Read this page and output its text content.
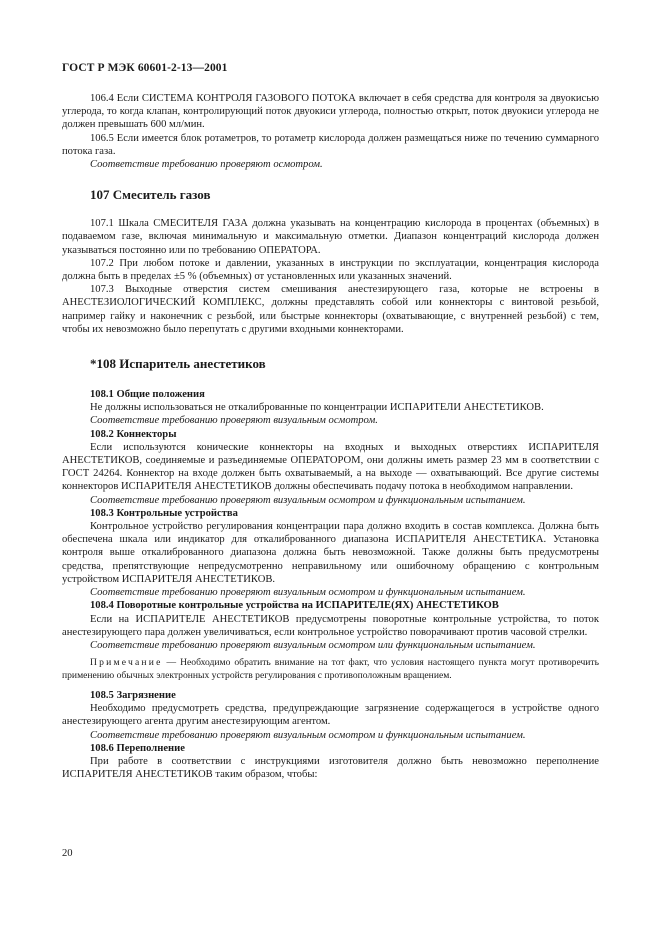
ГОСТ Р МЭК 60601-2-13—2001

106.4 Если СИСТЕМА КОНТРОЛЯ ГАЗОВОГО ПОТОКА включает в себя средства для контроля за двуокисью углерода, то когда клапан, контролирующий поток двуокиси углерода, полностью открыт, поток двуокиси углерода не должен превышать 600 мл/мин.

106.5 Если имеется блок ротаметров, то ротаметр кислорода должен размещаться ниже по течению суммарного потока газа.

Соответствие требованию проверяют осмотром.

107 Смеситель газов

107.1 Шкала СМЕСИТЕЛЯ ГАЗА должна указывать на концентрацию кислорода в процентах (объемных) в подаваемом газе, включая минимальную и максимальную отметки. Диапазон концентраций кислорода должен указываться постоянно или по требованию ОПЕРАТОРА.

107.2 При любом потоке и давлении, указанных в инструкции по эксплуатации, концентрация кислорода должна быть в пределах ±5 % (объемных) от установленных или указанных значений.

107.3 Выходные отверстия систем смешивания анестезирующего газа, которые не встроены в АНЕСТЕЗИОЛОГИЧЕСКИЙ КОМПЛЕКС, должны представлять собой или коннекторы с винтовой резьбой, например гайку и наконечник с резьбой, или быстрые коннекторы (охватывающие, с внутренней резьбой) с тем, чтобы их невозможно было перепутать с другими входными коннекторами.

*108 Испаритель анестетиков

108.1 Общие положения

Не должны использоваться не откалиброванные по концентрации ИСПАРИТЕЛИ АНЕСТЕТИКОВ.

Соответствие требованию проверяют визуальным осмотром.

108.2 Коннекторы

Если используются конические коннекторы на входных и выходных отверстиях ИСПАРИТЕЛЯ АНЕСТЕТИКОВ, соединяемые и разъединяемые ОПЕРАТОРОМ, они должны иметь размер 23 мм в соответствии с ГОСТ 24264. Коннектор на входе должен быть охватываемый, а на выходе — охватывающий. Все другие системы коннекторов ИСПАРИТЕЛЯ АНЕСТЕТИКОВ должны обеспечивать подачу потока в необходимом направлении.

Соответствие требованию проверяют визуальным осмотром и функциональным испытанием.

108.3 Контрольные устройства

Контрольное устройство регулирования концентрации пара должно входить в состав комплекса. Должна быть обеспечена шкала или индикатор для откалиброванного диапазона ИСПАРИТЕЛЯ АНЕСТЕТИКА. Установка контроля выше откалиброванного диапазона должна быть невозможной. Также должны быть предусмотрены средства, препятствующие непредусмотренно неправильному или ошибочному обращению с контрольным устройством ИСПАРИТЕЛЯ АНЕСТЕТИКОВ.

Соответствие требованию проверяют визуальным осмотром и функциональным испытанием.

108.4 Поворотные контрольные устройства на ИСПАРИТЕЛЕ(ЯХ) АНЕСТЕТИКОВ

Если на ИСПАРИТЕЛЕ АНЕСТЕТИКОВ предусмотрены поворотные контрольные устройства, то поток анестезирующего пара должен увеличиваться, если контрольное устройство поворачивают против часовой стрелки.

Соответствие требованию проверяют визуальным осмотром или функциональным испытанием.

Примечание — Необходимо обратить внимание на тот факт, что условия настоящего пункта могут противоречить применению обычных электронных устройств регулирования с противоположным вращением.

108.5 Загрязнение

Необходимо предусмотреть средства, предупреждающие загрязнение содержащегося в устройстве одного анестезирующего агента другим анестезирующим агентом.

Соответствие требованию проверяют визуальным осмотром и функциональным испытанием.

108.6 Переполнение

При работе в соответствии с инструкциями изготовителя должно быть невозможно переполнение ИСПАРИТЕЛЯ АНЕСТЕТИКОВ таким образом, чтобы:

20
